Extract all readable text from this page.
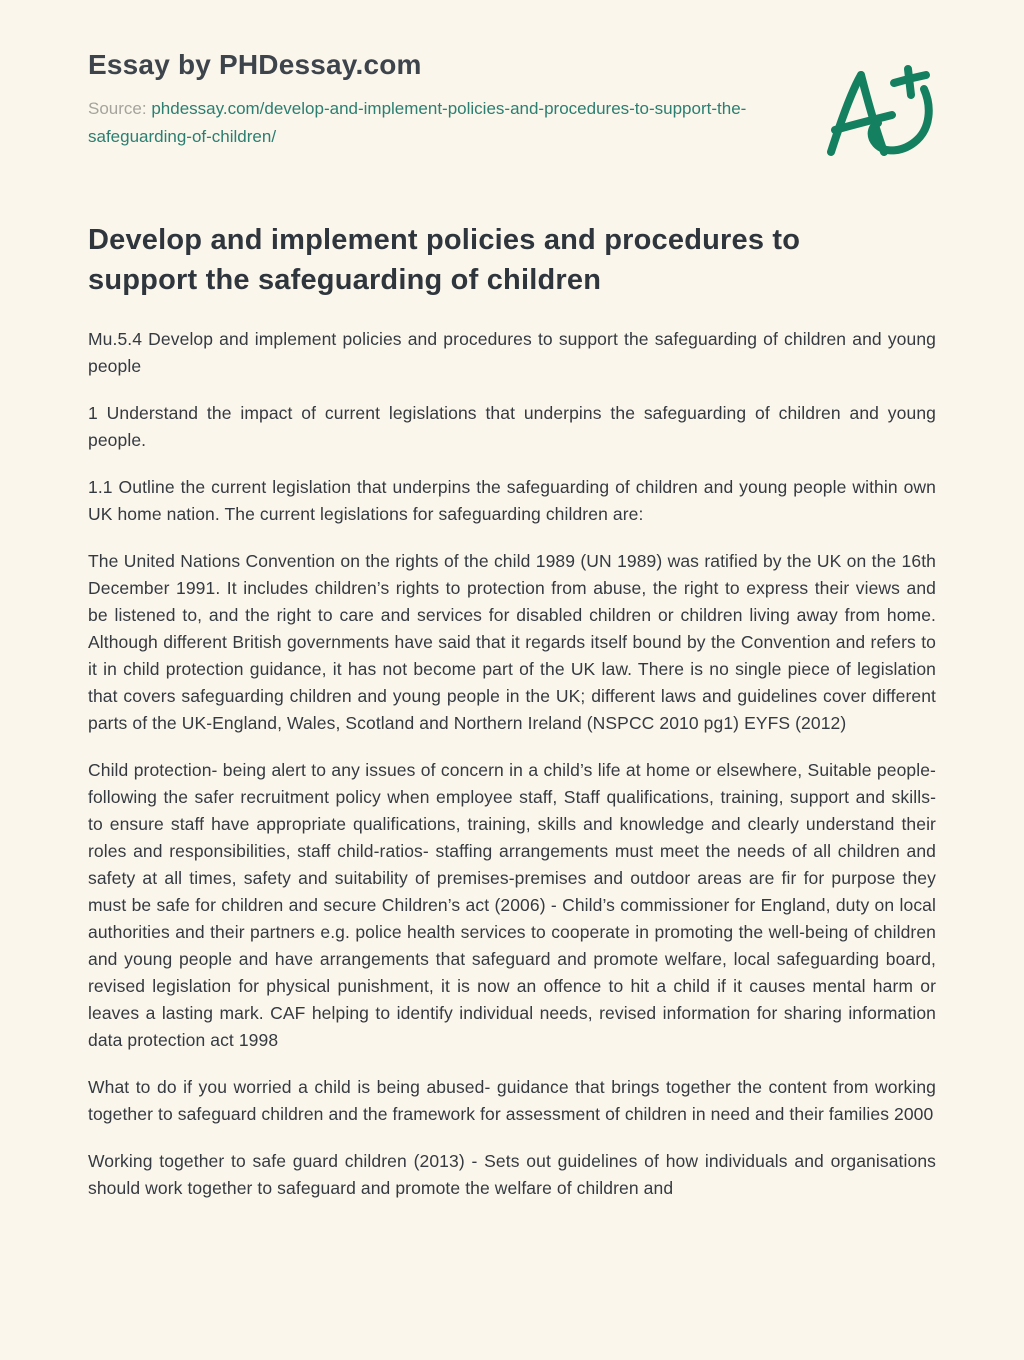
Essay by PHDessay.com
Source: phdessay.com/develop-and-implement-policies-and-procedures-to-support-the-safeguarding-of-children/
Develop and implement policies and procedures to support the safeguarding of children

Mu.5.4 Develop and implement policies and procedures to support the safeguarding of children and young people

1 Understand the impact of current legislations that underpins the safeguarding of children and young people.

1.1 Outline the current legislation that underpins the safeguarding of children and young people within own UK home nation. The current legislations for safeguarding children are:

The United Nations Convention on the rights of the child 1989 (UN 1989) was ratified by the UK on the 16th December 1991. It includes children’s rights to protection from abuse, the right to express their views and be listened to, and the right to care and services for disabled children or children living away from home. Although different British governments have said that it regards itself bound by the Convention and refers to it in child protection guidance, it has not become part of the UK law. There is no single piece of legislation that covers safeguarding children and young people in the UK; different laws and guidelines cover different parts of the UK-England, Wales, Scotland and Northern Ireland (NSPCC 2010 pg1) EYFS (2012)

Child protection- being alert to any issues of concern in a child’s life at home or elsewhere, Suitable people- following the safer recruitment policy when employee staff, Staff qualifications, training, support and skills- to ensure staff have appropriate qualifications, training, skills and knowledge and clearly understand their roles and responsibilities, staff child-ratios- staffing arrangements must meet the needs of all children and safety at all times, safety and suitability of premises-premises and outdoor areas are fir for purpose they must be safe for children and secure Children’s act (2006) - Child’s commissioner for England, duty on local authorities and their partners e.g. police health services to cooperate in promoting the well-being of children and young people and have arrangements that safeguard and promote welfare, local safeguarding board, revised legislation for physical punishment, it is now an offence to hit a child if it causes mental harm or leaves a lasting mark. CAF helping to identify individual needs, revised information for sharing information data protection act 1998

What to do if you worried a child is being abused- guidance that brings together the content from working together to safeguard children and the framework for assessment of children in need and their families 2000

Working together to safe guard children (2013) - Sets out guidelines of how individuals and organisations should work together to safeguard and promote the welfare of children and
